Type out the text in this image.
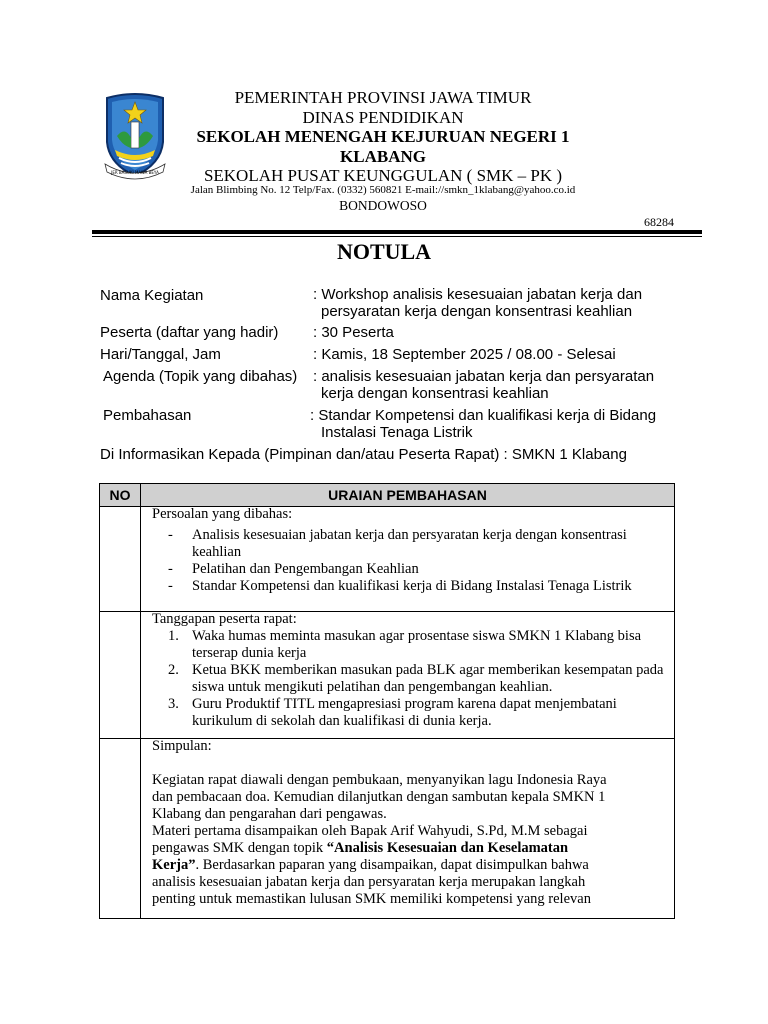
JER BASUKI MAWA BEYA
PEMERINTAH PROVINSI JAWA TIMUR
DINAS PENDIDIKAN
SEKOLAH MENENGAH KEJURUAN NEGERI 1
KLABANG
SEKOLAH PUSAT KEUNGGULAN ( SMK – PK )
Jalan Blimbing No. 12 Telp/Fax. (0332) 560821 E-mail://smkn_1klabang@yahoo.co.id
BONDOWOSO
68284
NOTULA
Nama Kegiatan	: Workshop analisis kesesuaian jabatan kerja dan
persyaratan kerja dengan konsentrasi keahlian
Peserta (daftar yang hadir) : 30 Peserta
Hari/Tanggal, Jam	: Kamis, 18 September 2025 / 08.00 - Selesai
Agenda (Topik yang dibahas) : analisis kesesuaian jabatan kerja dan persyaratan
kerja dengan konsentrasi keahlian
Pembahasan	: Standar Kompetensi dan kualifikasi kerja di Bidang
Instalasi Tenaga Listrik
Di Informasikan Kepada (Pimpinan dan/atau Peserta Rapat) : SMKN 1 Klabang
NO	URAIAN PEMBAHASAN
Persoalan yang dibahas:
- Analisis kesesuaian jabatan kerja dan persyaratan kerja dengan konsentrasi keahlian
- Pelatihan dan Pengembangan Keahlian
- Standar Kompetensi dan kualifikasi kerja di Bidang Instalasi Tenaga Listrik
Tanggapan peserta rapat:
1. Waka humas meminta masukan agar prosentase siswa SMKN 1 Klabang bisa terserap dunia kerja
2. Ketua BKK memberikan masukan pada BLK agar memberikan kesempatan pada siswa untuk mengikuti pelatihan dan pengembangan keahlian.
3. Guru Produktif TITL mengapresiasi program karena dapat menjembatani kurikulum di sekolah dan kualifikasi di dunia kerja.
Simpulan:

Kegiatan rapat diawali dengan pembukaan, menyanyikan lagu Indonesia Raya dan pembacaan doa. Kemudian dilanjutkan dengan sambutan kepala SMKN 1 Klabang dan pengarahan dari pengawas.

Materi pertama disampaikan oleh Bapak Arif Wahyudi, S.Pd, M.M sebagai pengawas SMK dengan topik “Analisis Kesesuaian dan Keselamatan Kerja”. Berdasarkan paparan yang disampaikan, dapat disimpulkan bahwa analisis kesesuaian jabatan kerja dan persyaratan kerja merupakan langkah penting untuk memastikan lulusan SMK memiliki kompetensi yang relevan
